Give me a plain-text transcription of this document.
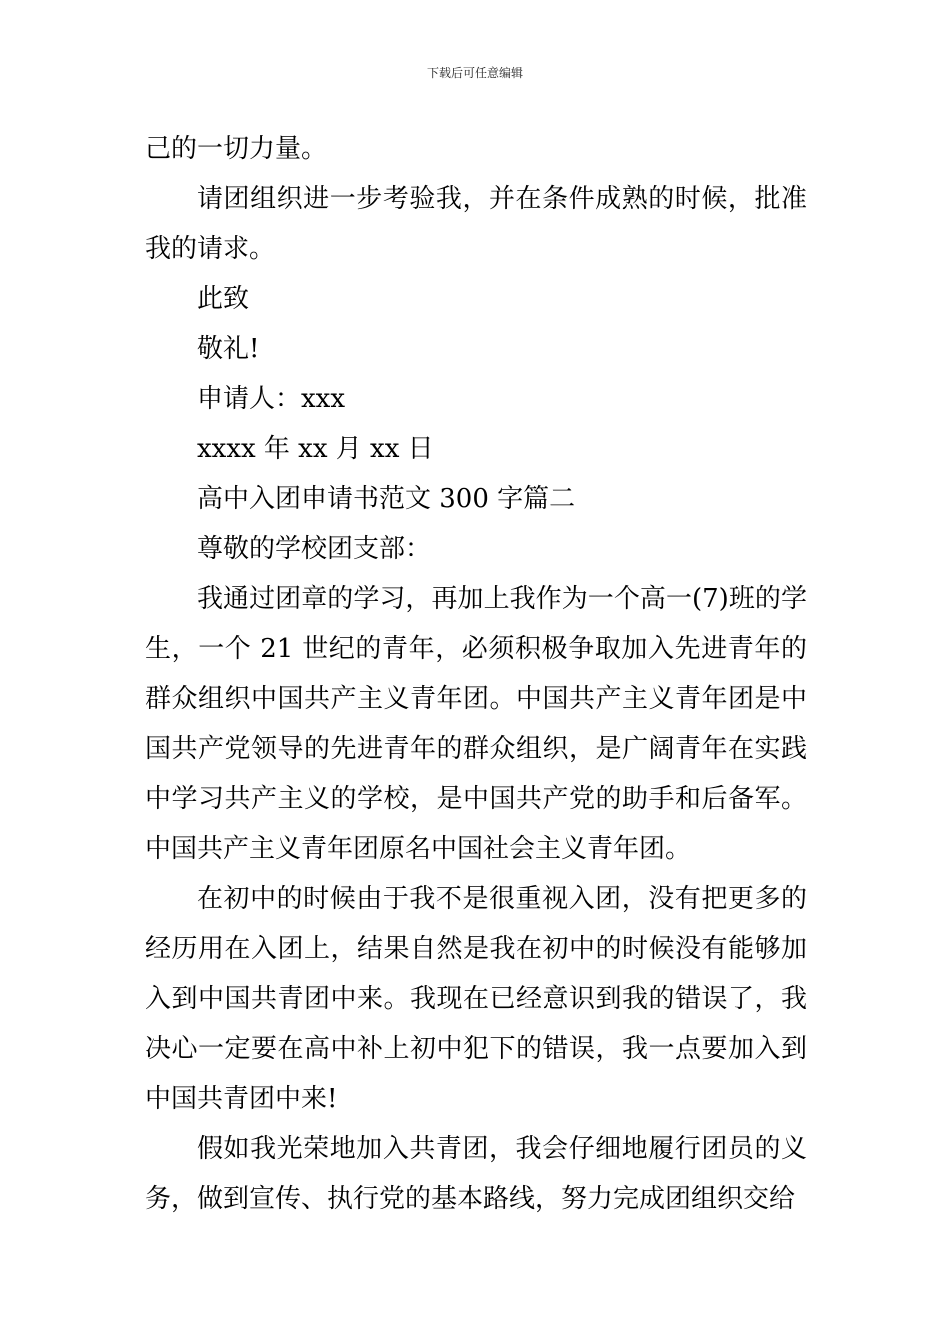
下载后可任意编辑

己的一切力量。

请团组织进一步考验我，并在条件成熟的时候，批准我的请求。

此致

敬礼!

申请人：xxx

xxxx 年 xx 月 xx 日

高中入团申请书范文 300 字篇二

尊敬的学校团支部：

我通过团章的学习，再加上我作为一个高一(7)班的学生，一个 21 世纪的青年，必须积极争取加入先进青年的群众组织中国共产主义青年团。中国共产主义青年团是中国共产党领导的先进青年的群众组织，是广阔青年在实践中学习共产主义的学校，是中国共产党的助手和后备军。中国共产主义青年团原名中国社会主义青年团。

在初中的时候由于我不是很重视入团，没有把更多的经历用在入团上，结果自然是我在初中的时候没有能够加入到中国共青团中来。我现在已经意识到我的错误了，我决心一定要在高中补上初中犯下的错误，我一点要加入到中国共青团中来!

假如我光荣地加入共青团，我会仔细地履行团员的义务，做到宣传、执行党的基本路线，努力完成团组织交给
